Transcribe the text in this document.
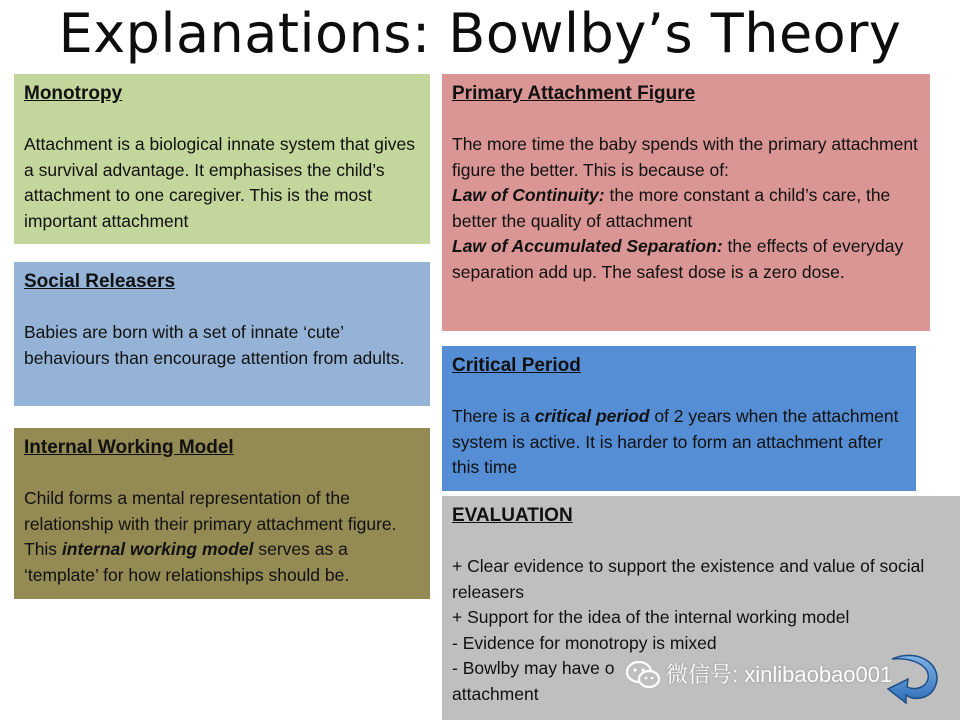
Explanations: Bowlby’s Theory
Monotropy

Attachment is a biological innate system that gives a survival advantage. It emphasises the child’s attachment to one caregiver. This is the most important attachment

Social Releasers

Babies are born with a set of innate ‘cute’ behaviours than encourage attention from adults.

Internal Working Model

Child forms a mental representation of the relationship with their primary attachment figure. This internal working model serves as a ‘template’ for how relationships should be.

Primary Attachment Figure

The more time the baby spends with the primary attachment figure the better. This is because of:

Law of Continuity: the more constant a child’s care, the better the quality of attachment

Law of Accumulated Separation: the effects of everyday separation add up. The safest dose is a zero dose.

Critical Period

There is a critical period of 2 years when the attachment system is active. It is harder to form an attachment after this time

EVALUATION

+ Clear evidence to support the existence and value of social releasers

+ Support for the idea of the internal working model

- Evidence for monotropy is mixed

- Bowlby may have o

attachment

微信号: xinlibaobao001
